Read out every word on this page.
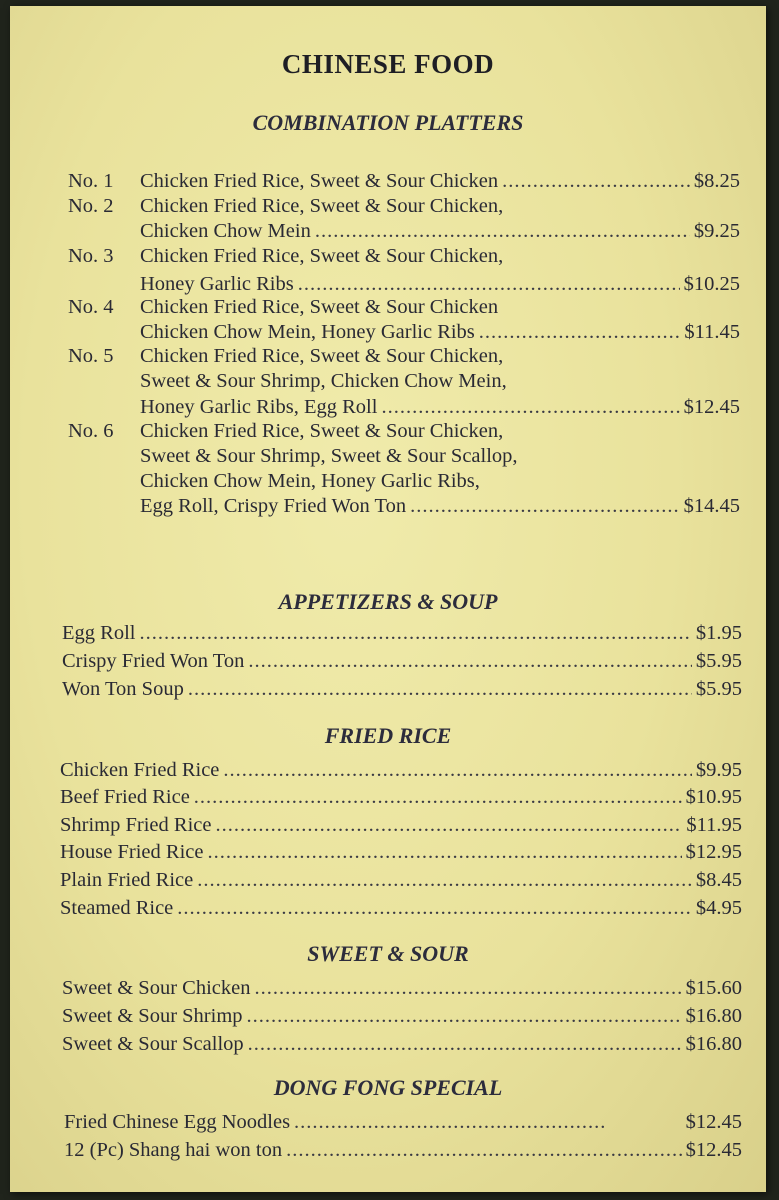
CHINESE FOOD
COMBINATION PLATTERS
No. 1 Chicken Fried Rice, Sweet & Sour Chicken .....	$8.25
No. 2 Chicken Fried Rice, Sweet & Sour Chicken,
Chicken Chow Mein .....	$9.25
No. 3 Chicken Fried Rice, Sweet & Sour Chicken,
Honey Garlic Ribs .....	$10.25
No. 4 Chicken Fried Rice, Sweet & Sour Chicken
Chicken Chow Mein, Honey Garlic Ribs .....	$11.45
No. 5 Chicken Fried Rice, Sweet & Sour Chicken,
Sweet & Sour Shrimp, Chicken Chow Mein,
Honey Garlic Ribs, Egg Roll .....	$12.45
No. 6 Chicken Fried Rice, Sweet & Sour Chicken,
Sweet & Sour Shrimp, Sweet & Sour Scallop,
Chicken Chow Mein, Honey Garlic Ribs,
Egg Roll, Crispy Fried Won Ton .....	$14.45
APPETIZERS & SOUP
Egg Roll .....	$1.95
Crispy Fried Won Ton .....	$5.95
Won Ton Soup .....	$5.95
FRIED RICE
Chicken Fried Rice .....	$9.95
Beef Fried Rice .....	$10.95
Shrimp Fried Rice .....	$11.95
House Fried Rice .....	$12.95
Plain Fried Rice .....	$8.45
Steamed Rice .....	$4.95
SWEET & SOUR
Sweet & Sour Chicken .....	$15.60
Sweet & Sour Shrimp .....	$16.80
Sweet & Sour Scallop .....	$16.80
DONG FONG SPECIAL
Fried Chinese Egg Noodles .....	$12.45
12 (Pc) Shang hai won ton .....	$12.45
